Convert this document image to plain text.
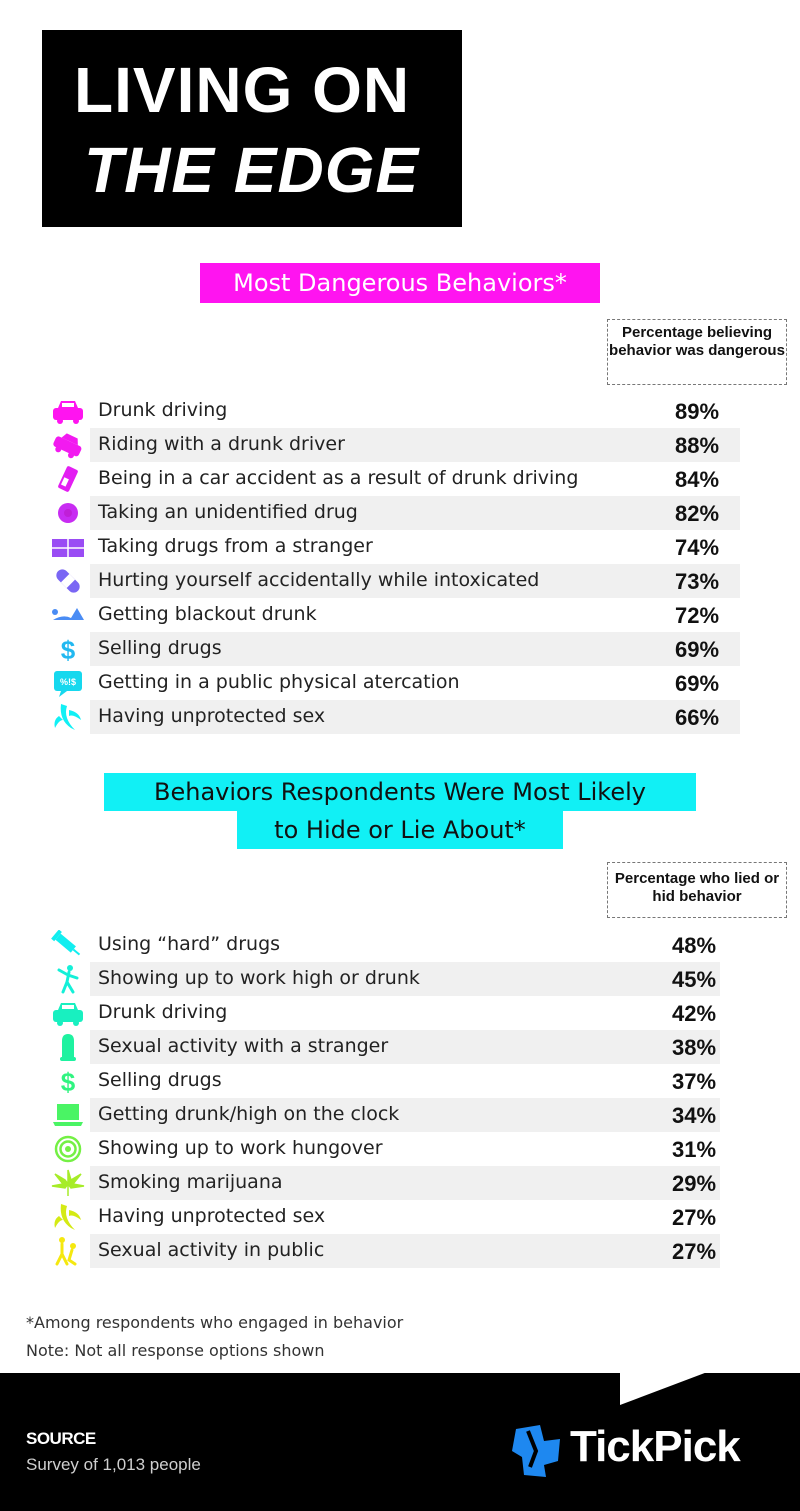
LIVING ON
THE EDGE
Most Dangerous Behaviors*
Percentage believing behavior was dangerous
Drunk driving	89%
Riding with a drunk driver	88%
Being in a car accident as a result of drunk driving	84%
Taking an unidentified drug	82%
Taking drugs from a stranger	74%
Hurting yourself accidentally while intoxicated	73%
Getting blackout drunk	72%
$ Selling drugs	69%
%!$ Getting in a public physical atercation	69%
Having unprotected sex	66%
Behaviors Respondents Were Most Likely
to Hide or Lie About*
Percentage who lied or hid behavior
Using “hard” drugs	48%
Showing up to work high or drunk	45%
Drunk driving	42%
Sexual activity with a stranger	38%
$ Selling drugs	37%
Getting drunk/high on the clock	34%
Showing up to work hungover	31%
Smoking marijuana	29%
Having unprotected sex	27%
Sexual activity in public	27%
*Among respondents who engaged in behavior
Note: Not all response options shown
SOURCE
Survey of 1,013 people	TickPick
